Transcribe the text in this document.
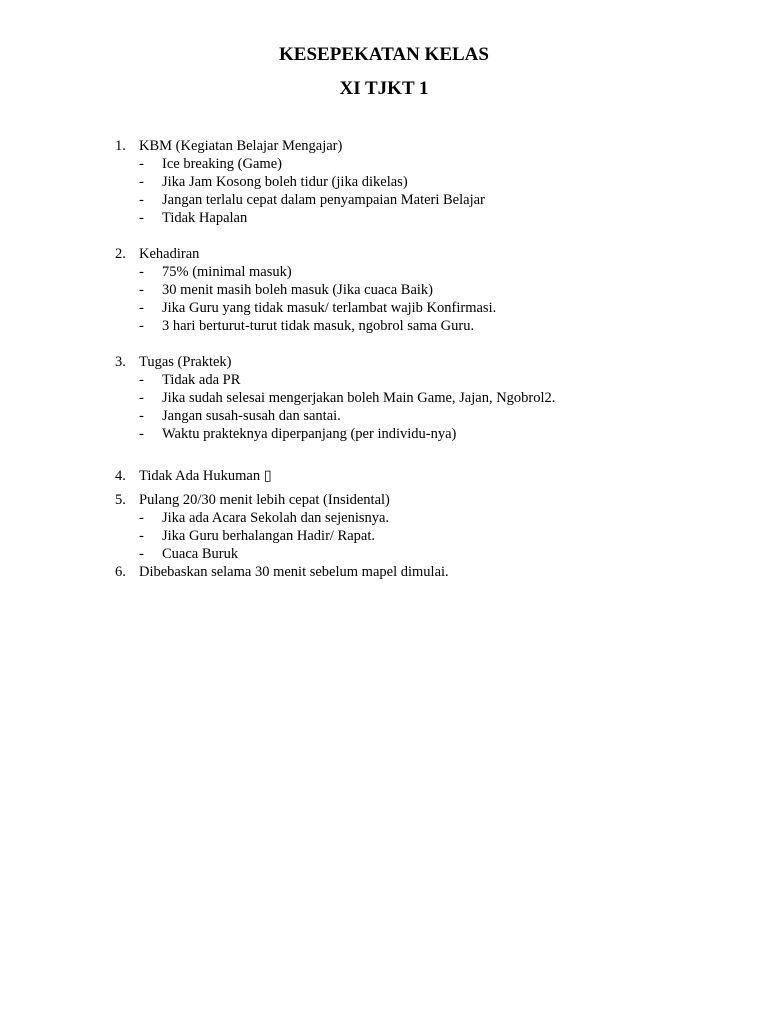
KESEPEKATAN KELAS
XI TJKT 1
1. KBM (Kegiatan Belajar Mengajar)
- Ice breaking (Game)
- Jika Jam Kosong boleh tidur (jika dikelas)
- Jangan terlalu cepat dalam penyampaian Materi Belajar
- Tidak Hapalan
2. Kehadiran
- 75% (minimal masuk)
- 30 menit masih boleh masuk (Jika cuaca Baik)
- Jika Guru yang tidak masuk/ terlambat wajib Konfirmasi.
- 3 hari berturut-turut tidak masuk, ngobrol sama Guru.
3. Tugas (Praktek)
- Tidak ada PR
- Jika sudah selesai mengerjakan boleh Main Game, Jajan, Ngobrol2.
- Jangan susah-susah dan santai.
- Waktu prakteknya diperpanjang (per individu-nya)
4. Tidak Ada Hukuman ▯
5. Pulang 20/30 menit lebih cepat (Insidental)
- Jika ada Acara Sekolah dan sejenisnya.
- Jika Guru berhalangan Hadir/ Rapat.
- Cuaca Buruk
6. Dibebaskan selama 30 menit sebelum mapel dimulai.
